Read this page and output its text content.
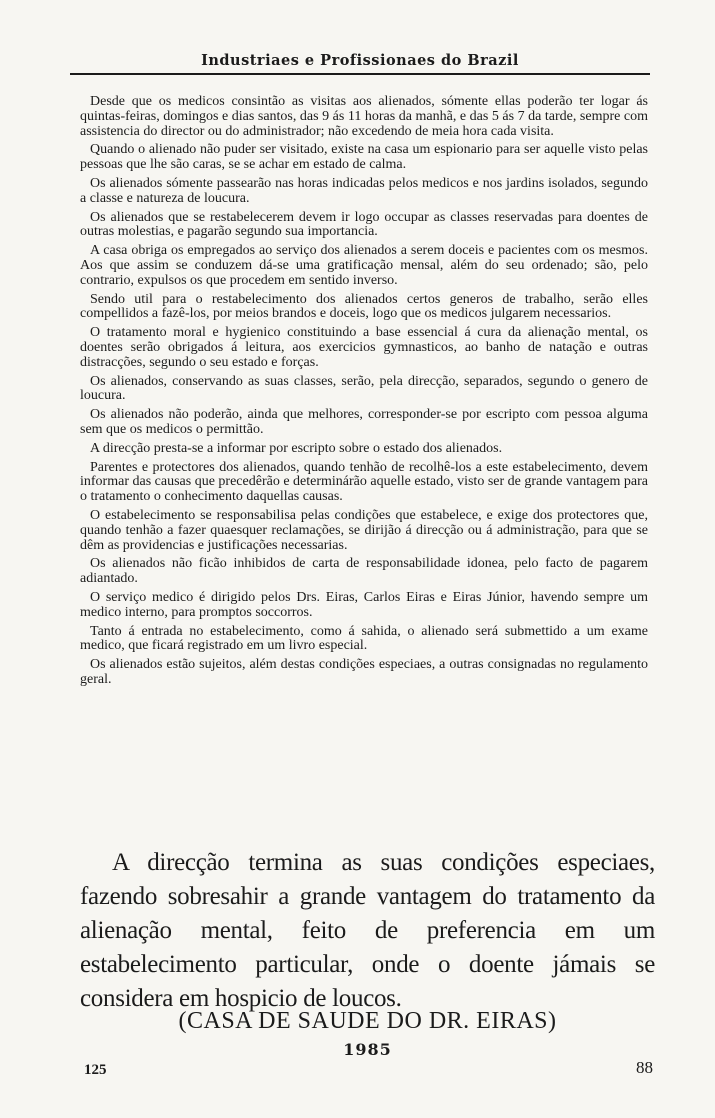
Industriaes e Profissionaes do Brazil

Desde que os medicos consintão as visitas aos alienados, sómente ellas poderão ter logar ás quintas-feiras, domingos e dias santos, das 9 ás 11 horas da manhã, e das 5 ás 7 da tarde, sempre com assistencia do director ou do administrador; não excedendo de meia hora cada visita.

Quando o alienado não puder ser visitado, existe na casa um espionario para ser aquelle visto pelas pessoas que lhe são caras, se se achar em estado de calma.

Os alienados sómente passearão nas horas indicadas pelos medicos e nos jardins isolados, segundo a classe e natureza de loucura.

Os alienados que se restabelecerem devem ir logo occupar as classes reservadas para doentes de outras molestias, e pagarão segundo sua importancia.

A casa obriga os empregados ao serviço dos alienados a serem doceis e pacientes com os mesmos. Aos que assim se conduzem dá-se uma gratificação mensal, além do seu ordenado; são, pelo contrario, expulsos os que procedem em sentido inverso.

Sendo util para o restabelecimento dos alienados certos generos de trabalho, serão elles compellidos a fazê-los, por meios brandos e doceis, logo que os medicos julgarem necessarios.

O tratamento moral e hygienico constituindo a base essencial á cura da alienação mental, os doentes serão obrigados á leitura, aos exercicios gymnasticos, ao banho de natação e outras distracções, segundo o seu estado e forças.

Os alienados, conservando as suas classes, serão, pela direcção, separados, segundo o genero de loucura.

Os alienados não poderão, ainda que melhores, corresponder-se por escripto com pessoa alguma sem que os medicos o permittão.

A direcção presta-se a informar por escripto sobre o estado dos alienados.

Parentes e protectores dos alienados, quando tenhão de recolhê-los a este estabelecimento, devem informar das causas que precedêrão e determinárão aquelle estado, visto ser de grande vantagem para o tratamento o conhecimento daquellas causas.

O estabelecimento se responsabilisa pelas condições que estabelece, e exige dos protectores que, quando tenhão a fazer quaesquer reclamações, se dirijão á direcção ou á administração, para que se dêm as providencias e justificações necessarias.

Os alienados não ficão inhibidos de carta de responsabilidade idonea, pelo facto de pagarem adiantado.

O serviço medico é dirigido pelos Drs. Eiras, Carlos Eiras e Eiras Júnior, havendo sempre um medico interno, para promptos soccorros.

Tanto á entrada no estabelecimento, como á sahida, o alienado será submettido a um exame medico, que ficará registrado em um livro especial.

Os alienados estão sujeitos, além destas condições especiaes, a outras consignadas no regulamento geral.

A direcção termina as suas condições especiaes, fazendo sobresahir a grande vantagem do tratamento da alienação mental, feito de preferencia em um estabelecimento particular, onde o doente jámais se considera em hospicio de loucos.

(CASA DE SAUDE DO DR. EIRAS)
1985
125	88
